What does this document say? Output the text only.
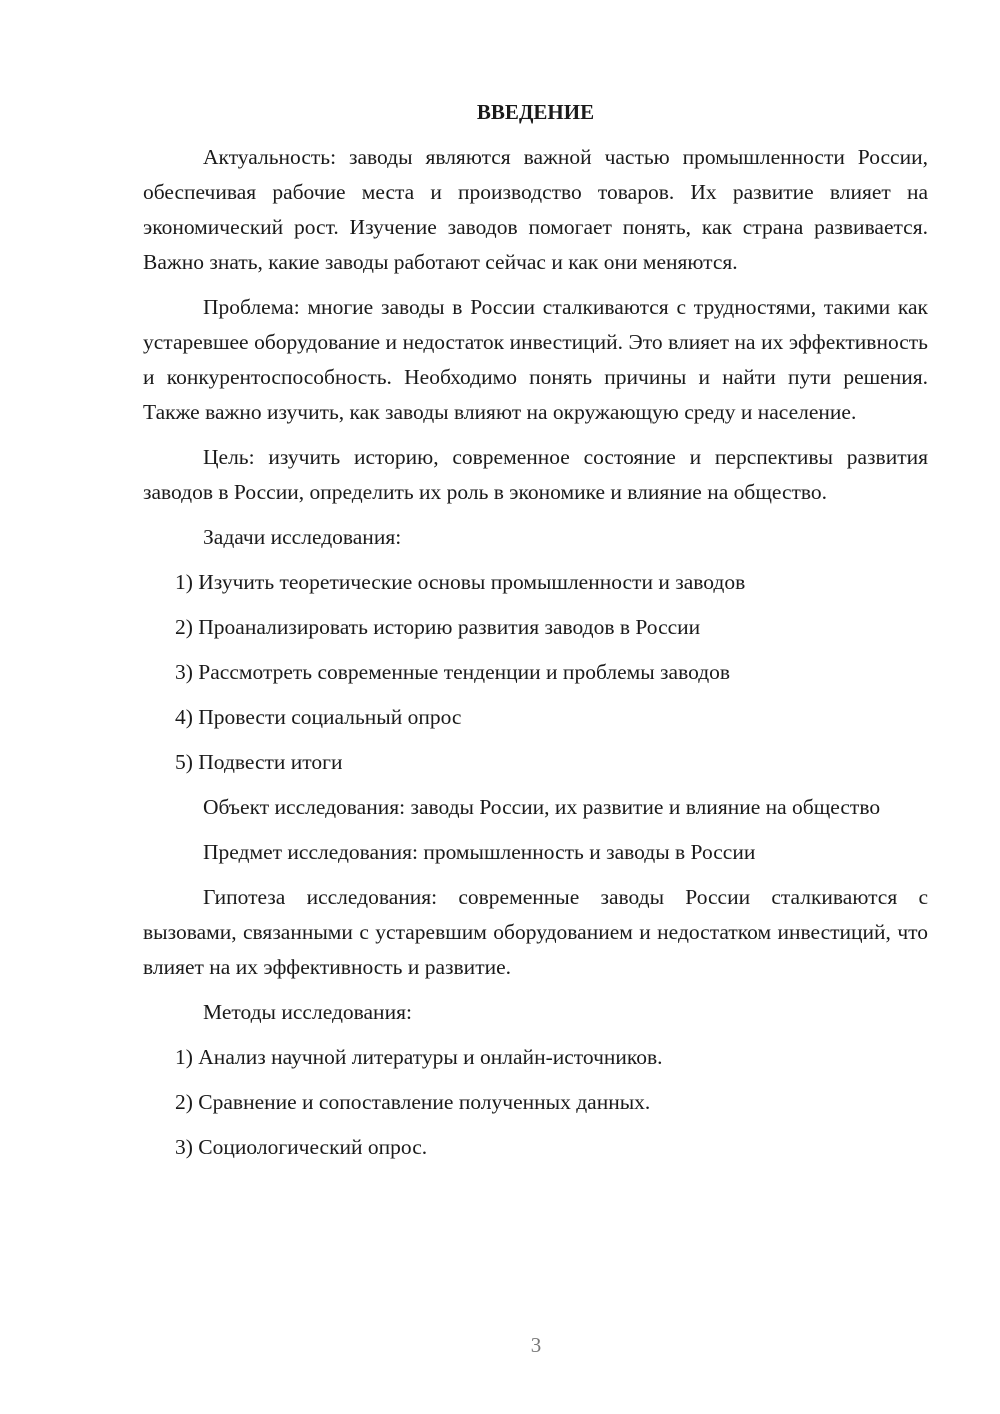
ВВЕДЕНИЕ

Актуальность: заводы являются важной частью промышленности России, обеспечивая рабочие места и производство товаров. Их развитие влияет на экономический рост. Изучение заводов помогает понять, как страна развивается. Важно знать, какие заводы работают сейчас и как они меняются.

Проблема: многие заводы в России сталкиваются с трудностями, такими как устаревшее оборудование и недостаток инвестиций. Это влияет на их эффективность и конкурентоспособность. Необходимо понять причины и найти пути решения. Также важно изучить, как заводы влияют на окружающую среду и население.

Цель: изучить историю, современное состояние и перспективы развития заводов в России, определить их роль в экономике и влияние на общество.

Задачи исследования:

1) Изучить теоретические основы промышленности и заводов
2) Проанализировать историю развития заводов в России
3) Рассмотреть современные тенденции и проблемы заводов
4) Провести социальный опрос
5) Подвести итоги

Объект исследования: заводы России, их развитие и влияние на общество

Предмет исследования: промышленность и заводы в России

Гипотеза исследования: современные заводы России сталкиваются с вызовами, связанными с устаревшим оборудованием и недостатком инвестиций, что влияет на их эффективность и развитие.

Методы исследования:

1) Анализ научной литературы и онлайн-источников.
2) Сравнение и сопоставление полученных данных.
3) Социологический опрос.
3
